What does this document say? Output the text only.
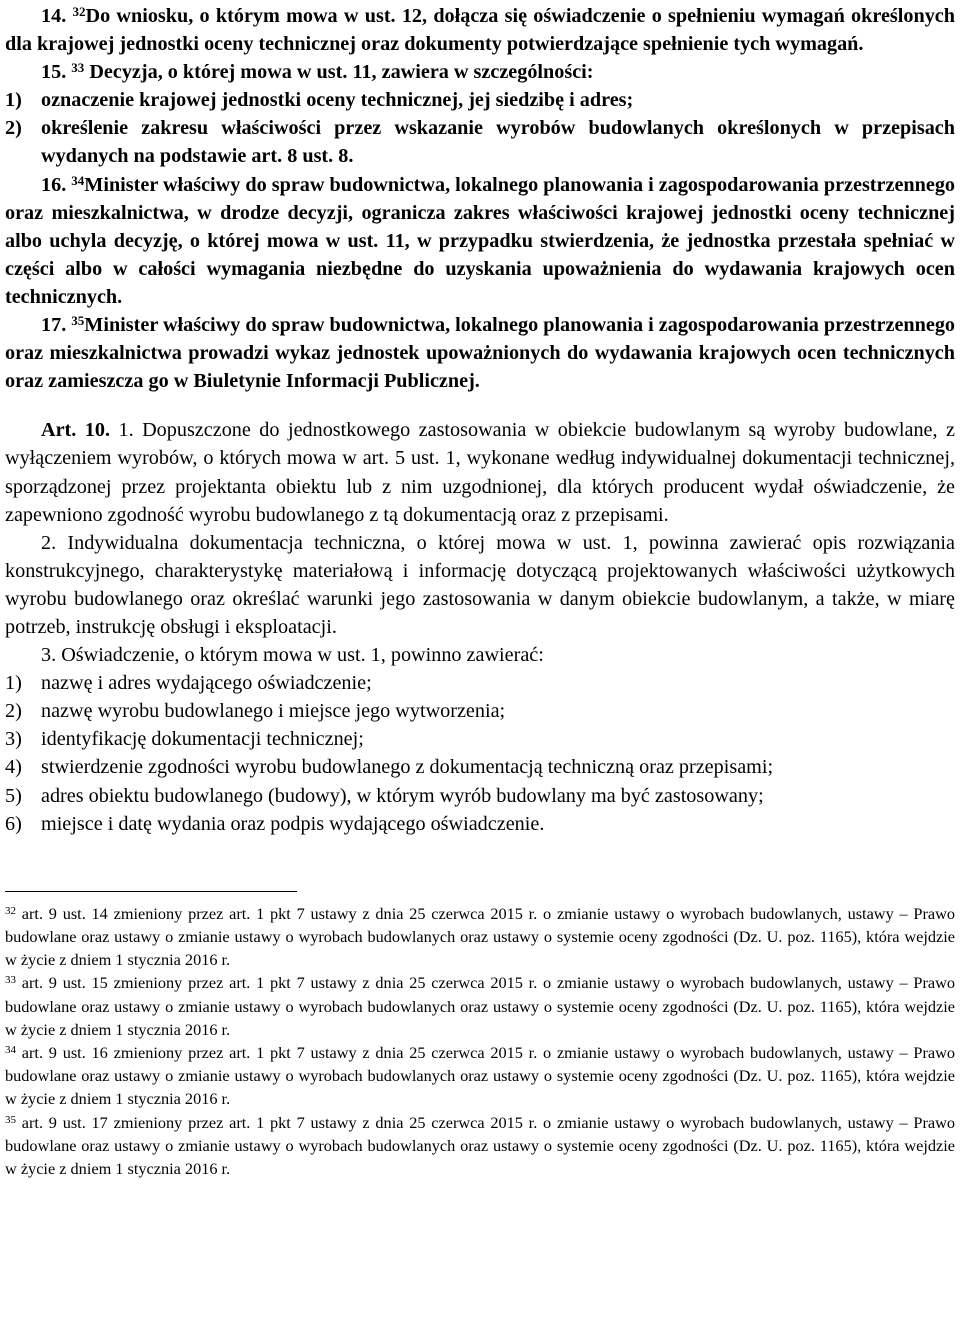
14. $^{32}$Do wniosku, o którym mowa w ust. 12, dołącza się oświadczenie o spełnieniu wymagań określonych dla krajowej jednostki oceny technicznej oraz dokumenty potwierdzające spełnienie tych wymagań.

15. $^{33}$ Decyzja, o której mowa w ust. 11, zawiera w szczególności:

1) oznaczenie krajowej jednostki oceny technicznej, jej siedzibę i adres;
2) określenie zakresu właściwości przez wskazanie wyrobów budowlanych określonych w przepisach wydanych na podstawie art. 8 ust. 8.

16. $^{34}$Minister właściwy do spraw budownictwa, lokalnego planowania i zagospodarowania przestrzennego oraz mieszkalnictwa, w drodze decyzji, ogranicza zakres właściwości krajowej jednostki oceny technicznej albo uchyla decyzję, o której mowa w ust. 11, w przypadku stwierdzenia, że jednostka przestała spełniać w części albo w całości wymagania niezbędne do uzyskania upoważnienia do wydawania krajowych ocen technicznych.

17. $^{35}$Minister właściwy do spraw budownictwa, lokalnego planowania i zagospodarowania przestrzennego oraz mieszkalnictwa prowadzi wykaz jednostek upoważnionych do wydawania krajowych ocen technicznych oraz zamieszcza go w Biuletynie Informacji Publicznej.

Art. 10. 1. Dopuszczone do jednostkowego zastosowania w obiekcie budowlanym są wyroby budowlane, z wyłączeniem wyrobów, o których mowa w art. 5 ust. 1, wykonane według indywidualnej dokumentacji technicznej, sporządzonej przez projektanta obiektu lub z nim uzgodnionej, dla których producent wydał oświadczenie, że zapewniono zgodność wyrobu budowlanego z tą dokumentacją oraz z przepisami.

2. Indywidualna dokumentacja techniczna, o której mowa w ust. 1, powinna zawierać opis rozwiązania konstrukcyjnego, charakterystykę materiałową i informację dotyczącą projektowanych właściwości użytkowych wyrobu budowlanego oraz określać warunki jego zastosowania w danym obiekcie budowlanym, a także, w miarę potrzeb, instrukcję obsługi i eksploatacji.

3. Oświadczenie, o którym mowa w ust. 1, powinno zawierać:

1) nazwę i adres wydającego oświadczenie;
2) nazwę wyrobu budowlanego i miejsce jego wytworzenia;
3) identyfikację dokumentacji technicznej;
4) stwierdzenie zgodności wyrobu budowlanego z dokumentacją techniczną oraz przepisami;
5) adres obiektu budowlanego (budowy), w którym wyrób budowlany ma być zastosowany;
6) miejsce i datę wydania oraz podpis wydającego oświadczenie.

$^{32}$ art. 9 ust. 14 zmieniony przez art. 1 pkt 7 ustawy z dnia 25 czerwca 2015 r. o zmianie ustawy o wyrobach budowlanych, ustawy – Prawo budowlane oraz ustawy o zmianie ustawy o wyrobach budowlanych oraz ustawy o systemie oceny zgodności (Dz. U. poz. 1165), która wejdzie w życie z dniem 1 stycznia 2016 r.

$^{33}$ art. 9 ust. 15 zmieniony przez art. 1 pkt 7 ustawy z dnia 25 czerwca 2015 r. o zmianie ustawy o wyrobach budowlanych, ustawy – Prawo budowlane oraz ustawy o zmianie ustawy o wyrobach budowlanych oraz ustawy o systemie oceny zgodności (Dz. U. poz. 1165), która wejdzie w życie z dniem 1 stycznia 2016 r.

$^{34}$ art. 9 ust. 16 zmieniony przez art. 1 pkt 7 ustawy z dnia 25 czerwca 2015 r. o zmianie ustawy o wyrobach budowlanych, ustawy – Prawo budowlane oraz ustawy o zmianie ustawy o wyrobach budowlanych oraz ustawy o systemie oceny zgodności (Dz. U. poz. 1165), która wejdzie w życie z dniem 1 stycznia 2016 r.

$^{35}$ art. 9 ust. 17 zmieniony przez art. 1 pkt 7 ustawy z dnia 25 czerwca 2015 r. o zmianie ustawy o wyrobach budowlanych, ustawy – Prawo budowlane oraz ustawy o zmianie ustawy o wyrobach budowlanych oraz ustawy o systemie oceny zgodności (Dz. U. poz. 1165), która wejdzie w życie z dniem 1 stycznia 2016 r.
